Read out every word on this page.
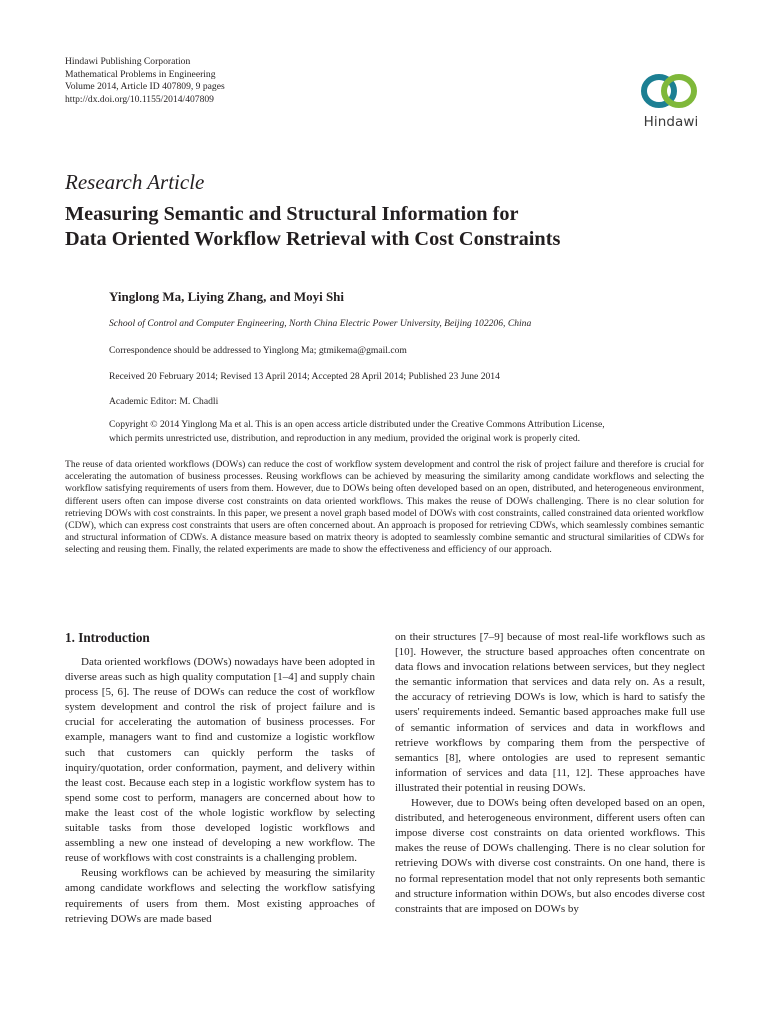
Hindawi Publishing Corporation
Mathematical Problems in Engineering
Volume 2014, Article ID 407809, 9 pages
http://dx.doi.org/10.1155/2014/407809
Hindawi
Research Article
Measuring Semantic and Structural Information for
Data Oriented Workflow Retrieval with Cost Constraints
Yinglong Ma, Liying Zhang, and Moyi Shi
School of Control and Computer Engineering, North China Electric Power University, Beijing 102206, China
Correspondence should be addressed to Yinglong Ma; gtmikema@gmail.com
Received 20 February 2014; Revised 13 April 2014; Accepted 28 April 2014; Published 23 June 2014
Academic Editor: M. Chadli
Copyright © 2014 Yinglong Ma et al. This is an open access article distributed under the Creative Commons Attribution License,
which permits unrestricted use, distribution, and reproduction in any medium, provided the original work is properly cited.
The reuse of data oriented workflows (DOWs) can reduce the cost of workflow system development and control the risk of project failure and therefore is crucial for accelerating the automation of business processes. Reusing workflows can be achieved by measuring the similarity among candidate workflows and selecting the workflow satisfying requirements of users from them. However, due to DOWs being often developed based on an open, distributed, and heterogeneous environment, different users often can impose diverse cost constraints on data oriented workflows. This makes the reuse of DOWs challenging. There is no clear solution for retrieving DOWs with cost constraints. In this paper, we present a novel graph based model of DOWs with cost constraints, called constrained data oriented workflow (CDW), which can express cost constraints that users are often concerned about. An approach is proposed for retrieving CDWs, which seamlessly combines semantic and structural information of CDWs. A distance measure based on matrix theory is adopted to seamlessly combine semantic and structural similarities of CDWs for selecting and reusing them. Finally, the related experiments are made to show the effectiveness and efficiency of our approach.
1. Introduction

Data oriented workflows (DOWs) nowadays have been adopted in diverse areas such as high quality computation [1–4] and supply chain process [5, 6]. The reuse of DOWs can reduce the cost of workflow system development and control the risk of project failure and is crucial for accelerating the automation of business processes. For example, managers want to find and customize a logistic workflow such that customers can quickly perform the tasks of inquiry/quotation, order conformation, payment, and delivery within the least cost. Because each step in a logistic workflow system has to spend some cost to perform, managers are concerned about how to make the least cost of the whole logistic workflow by selecting suitable tasks from those developed logistic workflows and assembling a new one instead of developing a new workflow. The reuse of workflows with cost constraints is a challenging problem.

Reusing workflows can be achieved by measuring the similarity among candidate workflows and selecting the workflow satisfying requirements of users from them. Most existing approaches of retrieving DOWs are made based

on their structures [7–9] because of most real-life workflows such as [10]. However, the structure based approaches often concentrate on data flows and invocation relations between services, but they neglect the semantic information that services and data rely on. As a result, the accuracy of retrieving DOWs is low, which is hard to satisfy the users' requirements indeed. Semantic based approaches make full use of semantic information of services and data in workflows and retrieve workflows by comparing them from the perspective of semantics [8], where ontologies are used to represent semantic information of services and data [11, 12]. These approaches have illustrated their potential in reusing DOWs.

However, due to DOWs being often developed based on an open, distributed, and heterogeneous environment, different users often can impose diverse cost constraints on data oriented workflows. This makes the reuse of DOWs challenging. There is no clear solution for retrieving DOWs with diverse cost constraints. On one hand, there is no formal representation model that not only represents both semantic and structure information within DOWs, but also encodes diverse cost constraints that are imposed on DOWs by
